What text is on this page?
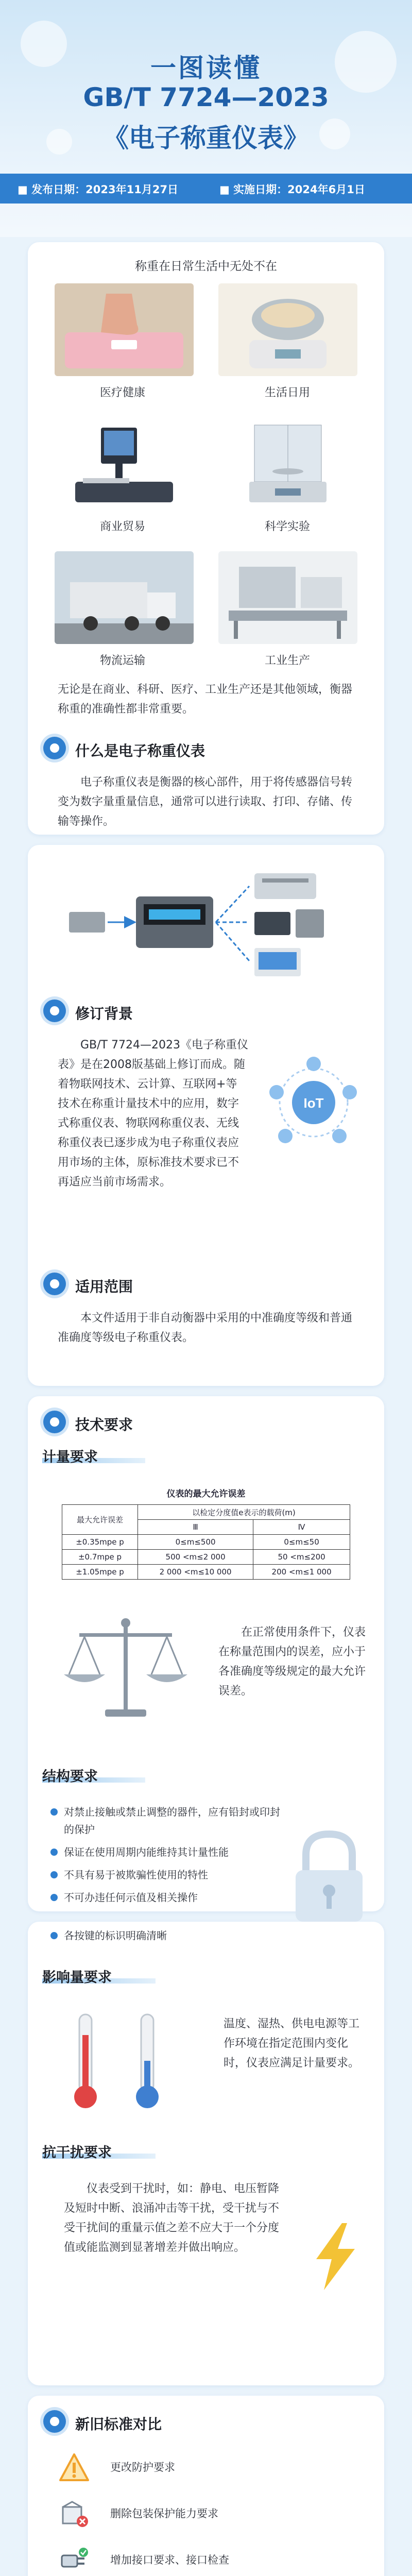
一图读懂
GB/T 7724—2023
《电子称重仪表》
■ 发布日期：2023年11月27日	■ 实施日期：2024年6月1日
称重在日常生活中无处不在
医疗健康	生活日用
商业贸易	科学实验
物流运输	工业生产
无论是在商业、科研、医疗、工业生产还是其他领域，衡器称重的准确性都非常重要。
什么是电子称重仪表
电子称重仪表是衡器的核心部件，用于将传感器信号转变为数字量重量信息，通常可以进行读取、打印、存储、传输等操作。
修订背景
GB/T 7724—2023《电子称重仪表》是在2008版基础上修订而成。随着物联网技术、云计算、互联网+等技术在称重计量技术中的应用，数字式称重仪表、物联网称重仪表、无线称重仪表已逐步成为电子称重仪表应用市场的主体，原标准技术要求已不再适应当前市场需求。
IoT
适用范围
本文件适用于非自动衡器中采用的中准确度等级和普通准确度等级电子称重仪表。
技术要求
计量要求
仪表的最大允许误差
最大允许误差	以检定分度值e表示的载荷(m)	
	Ⅲ	Ⅳ
±0.35mpe p	0≤m≤500	0≤m≤50
±0.7mpe p	500 <m≤2 000	50 <m≤200
±1.05mpe p	2 000 <m≤10 000	200 <m≤1 000
在正常使用条件下，仪表在称量范围内的误差，应小于各准确度等级规定的最大允许误差。
结构要求
对禁止接触或禁止调整的器件，应有铅封或印封的保护
保证在使用周期内能维持其计量性能
不具有易于被欺骗性使用的特性
不可办违任何示值及相关操作
各按键的标识明确清晰
影响量要求
温度、湿热、供电电源等工作环境在指定范围内变化时，仪表应满足计量要求。
抗干扰要求
仪表受到干扰时，如：静电、电压暂降及短时中断、浪涌冲击等干扰，受干扰与不受干扰间的重量示值之差不应大于一个分度值或能监测到显著增差并做出响应。
新旧标准对比
更改防护要求
删除包装保护能力要求
增加接口要求、接口检查
